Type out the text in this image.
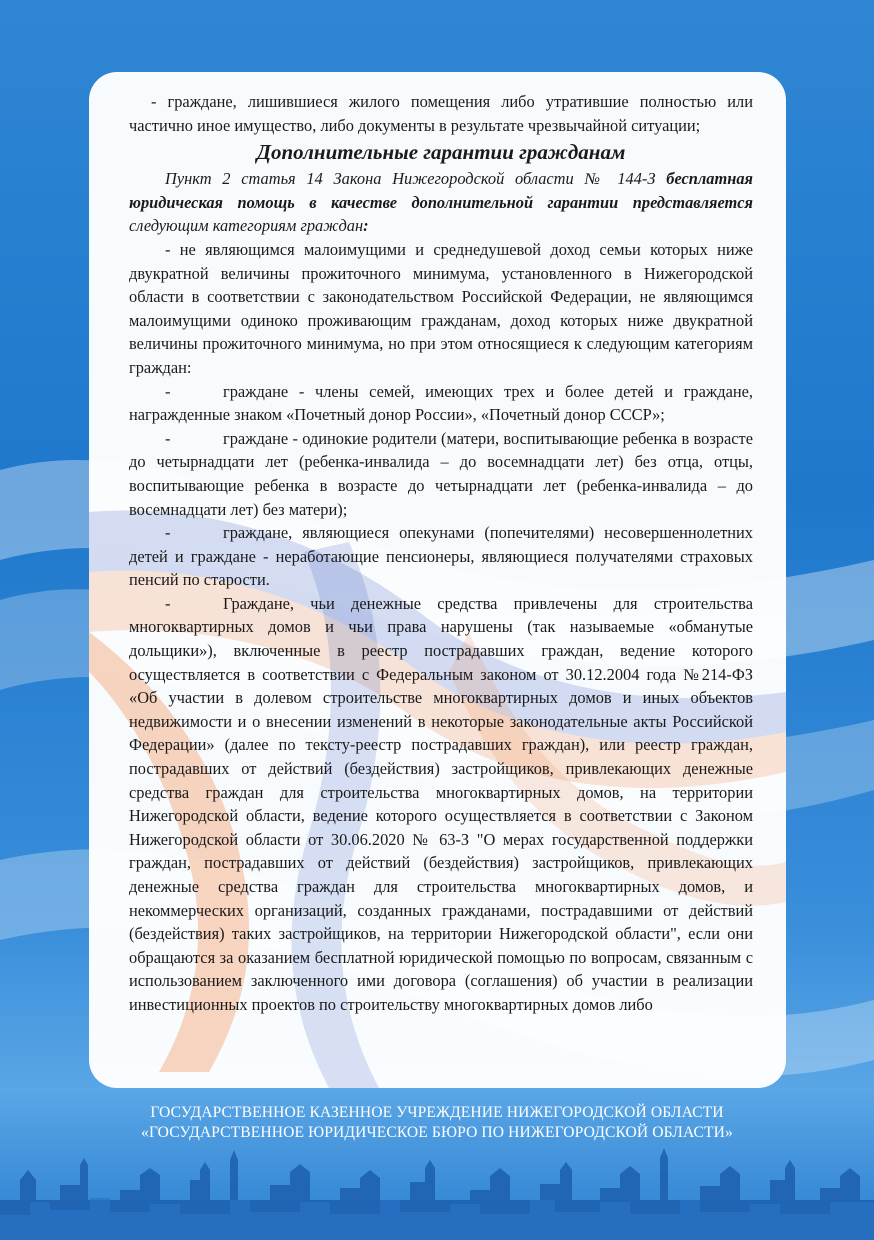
- граждане, лишившиеся жилого помещения либо утратившие полностью или частично иное имущество, либо документы в результате чрезвычайной ситуации;

Дополнительные гарантии гражданам

Пункт 2 статья 14 Закона Нижегородской области № 144-З бесплатная юридическая помощь в качестве дополнительной гарантии представляется следующим категориям граждан:

- не являющимся малоимущими и среднедушевой доход семьи которых ниже двукратной величины прожиточного минимума, установленного в Нижегородской области в соответствии с законодательством Российской Федерации, не являющимся малоимущими одиноко проживающим гражданам, доход которых ниже двукратной величины прожиточного минимума, но при этом относящиеся к следующим категориям граждан:

-	граждане - члены семей, имеющих трех и более детей и граждане, награжденные знаком «Почетный донор России», «Почетный донор СССР»;

-	граждане - одинокие родители (матери, воспитывающие ребенка в возрасте до четырнадцати лет (ребенка-инвалида – до восемнадцати лет) без отца, отцы, воспитывающие ребенка в возрасте до четырнадцати лет (ребенка-инвалида – до восемнадцати лет) без матери);

-	граждане, являющиеся опекунами (попечителями) несовершеннолетних детей и граждане - неработающие пенсионеры, являющиеся получателями страховых пенсий по старости.

-	Граждане, чьи денежные средства привлечены для строительства многоквартирных домов и чьи права нарушены (так называемые «обманутые дольщики»), включенные в реестр пострадавших граждан, ведение которого осуществляется в соответствии с Федеральным законом от 30.12.2004 года №214-ФЗ «Об участии в долевом строительстве многоквартирных домов и иных объектов недвижимости и о внесении изменений в некоторые законодательные акты Российской Федерации» (далее по тексту-реестр пострадавших граждан), или реестр граждан, пострадавших от действий (бездействия) застройщиков, привлекающих денежные средства граждан для строительства многоквартирных домов, на территории Нижегородской области, ведение которого осуществляется в соответствии с Законом Нижегородской области от 30.06.2020 № 63-З "О мерах государственной поддержки граждан, пострадавших от действий (бездействия) застройщиков, привлекающих денежные средства граждан для строительства многоквартирных домов, и некоммерческих организаций, созданных гражданами, пострадавшими от действий (бездействия) таких застройщиков, на территории Нижегородской области", если они обращаются за оказанием бесплатной юридической помощью по вопросам, связанным с использованием заключенного ими договора (соглашения) об участии в реализации инвестиционных проектов по строительству многоквартирных домов либо

ГОСУДАРСТВЕННОЕ КАЗЕННОЕ УЧРЕЖДЕНИЕ НИЖЕГОРОДСКОЙ ОБЛАСТИ
«ГОСУДАРСТВЕННОЕ ЮРИДИЧЕСКОЕ БЮРО ПО НИЖЕГОРОДСКОЙ ОБЛАСТИ»
